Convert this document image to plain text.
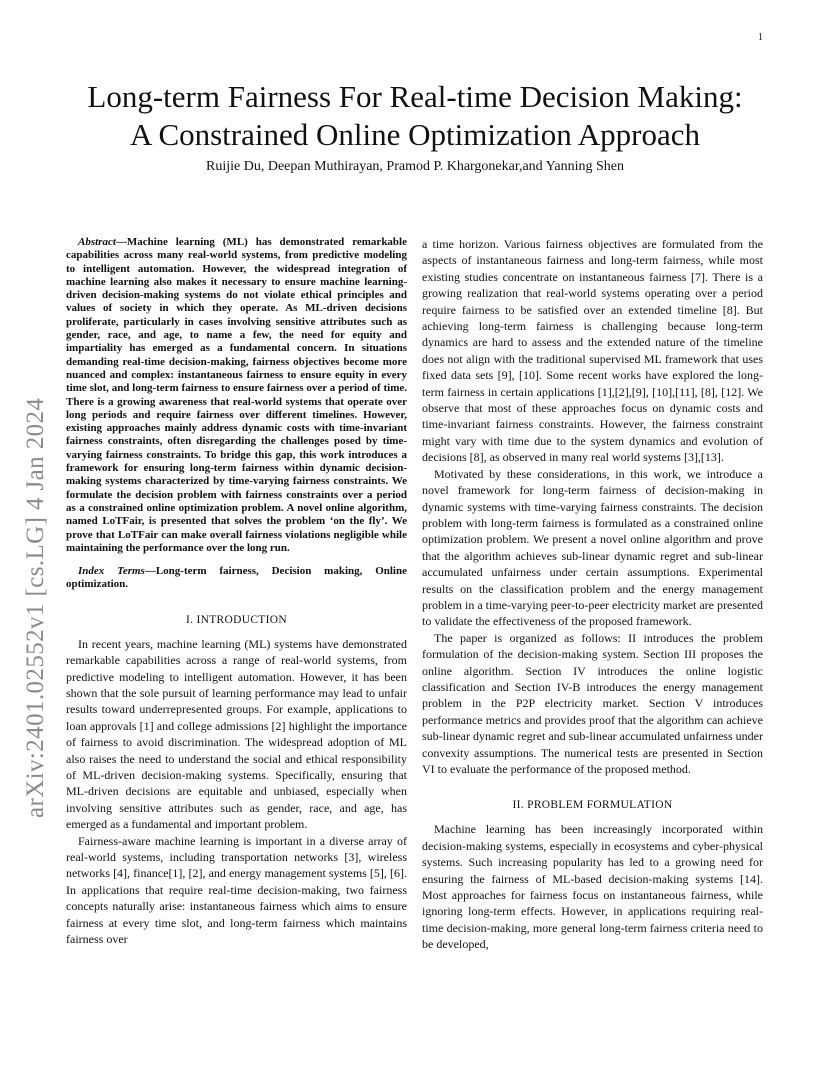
1
arXiv:2401.02552v1 [cs.LG] 4 Jan 2024
Long-term Fairness For Real-time Decision Making:
A Constrained Online Optimization Approach
Ruijie Du, Deepan Muthirayan, Pramod P. Khargonekar,and Yanning Shen

Abstract—Machine learning (ML) has demonstrated remarkable capabilities across many real-world systems, from predictive modeling to intelligent automation. However, the widespread integration of machine learning also makes it necessary to ensure machine learning-driven decision-making systems do not violate ethical principles and values of society in which they operate. As ML-driven decisions proliferate, particularly in cases involving sensitive attributes such as gender, race, and age, to name a few, the need for equity and impartiality has emerged as a fundamental concern. In situations demanding real-time decision-making, fairness objectives become more nuanced and complex: instantaneous fairness to ensure equity in every time slot, and long-term fairness to ensure fairness over a period of time. There is a growing awareness that real-world systems that operate over long periods and require fairness over different timelines. However, existing approaches mainly address dynamic costs with time-invariant fairness constraints, often disregarding the challenges posed by time-varying fairness constraints. To bridge this gap, this work introduces a framework for ensuring long-term fairness within dynamic decision-making systems characterized by time-varying fairness constraints. We formulate the decision problem with fairness constraints over a period as a constrained online optimization problem. A novel online algorithm, named LoTFair, is presented that solves the problem ‘on the fly’. We prove that LoTFair can make overall fairness violations negligible while maintaining the performance over the long run.

Index Terms—Long-term fairness, Decision making, Online optimization.

I. INTRODUCTION

In recent years, machine learning (ML) systems have demonstrated remarkable capabilities across a range of real-world systems, from predictive modeling to intelligent automation. However, it has been shown that the sole pursuit of learning performance may lead to unfair results toward underrepresented groups. For example, applications to loan approvals [1] and college admissions [2] highlight the importance of fairness to avoid discrimination. The widespread adoption of ML also raises the need to understand the social and ethical responsibility of ML-driven decision-making systems. Specifically, ensuring that ML-driven decisions are equitable and unbiased, especially when involving sensitive attributes such as gender, race, and age, has emerged as a fundamental and important problem.

Fairness-aware machine learning is important in a diverse array of real-world systems, including transportation networks [3], wireless networks [4], finance[1], [2], and energy management systems [5], [6]. In applications that require real-time decision-making, two fairness concepts naturally arise: instantaneous fairness which aims to ensure fairness at every time slot, and long-term fairness which maintains fairness over

a time horizon. Various fairness objectives are formulated from the aspects of instantaneous fairness and long-term fairness, while most existing studies concentrate on instantaneous fairness [7]. There is a growing realization that real-world systems operating over a period require fairness to be satisfied over an extended timeline [8]. But achieving long-term fairness is challenging because long-term dynamics are hard to assess and the extended nature of the timeline does not align with the traditional supervised ML framework that uses fixed data sets [9], [10]. Some recent works have explored the long-term fairness in certain applications [1],[2],[9], [10],[11], [8], [12]. We observe that most of these approaches focus on dynamic costs and time-invariant fairness constraints. However, the fairness constraint might vary with time due to the system dynamics and evolution of decisions [8], as observed in many real world systems [3],[13].

Motivated by these considerations, in this work, we introduce a novel framework for long-term fairness of decision-making in dynamic systems with time-varying fairness constraints. The decision problem with long-term fairness is formulated as a constrained online optimization problem. We present a novel online algorithm and prove that the algorithm achieves sub-linear dynamic regret and sub-linear accumulated unfairness under certain assumptions. Experimental results on the classification problem and the energy management problem in a time-varying peer-to-peer electricity market are presented to validate the effectiveness of the proposed framework.

The paper is organized as follows: II introduces the problem formulation of the decision-making system. Section III proposes the online algorithm. Section IV introduces the online logistic classification and Section IV-B introduces the energy management problem in the P2P electricity market. Section V introduces performance metrics and provides proof that the algorithm can achieve sub-linear dynamic regret and sub-linear accumulated unfairness under convexity assumptions. The numerical tests are presented in Section VI to evaluate the performance of the proposed method.

II. PROBLEM FORMULATION

Machine learning has been increasingly incorporated within decision-making systems, especially in ecosystems and cyber-physical systems. Such increasing popularity has led to a growing need for ensuring the fairness of ML-based decision-making systems [14]. Most approaches for fairness focus on instantaneous fairness, while ignoring long-term effects. However, in applications requiring real-time decision-making, more general long-term fairness criteria need to be developed,
